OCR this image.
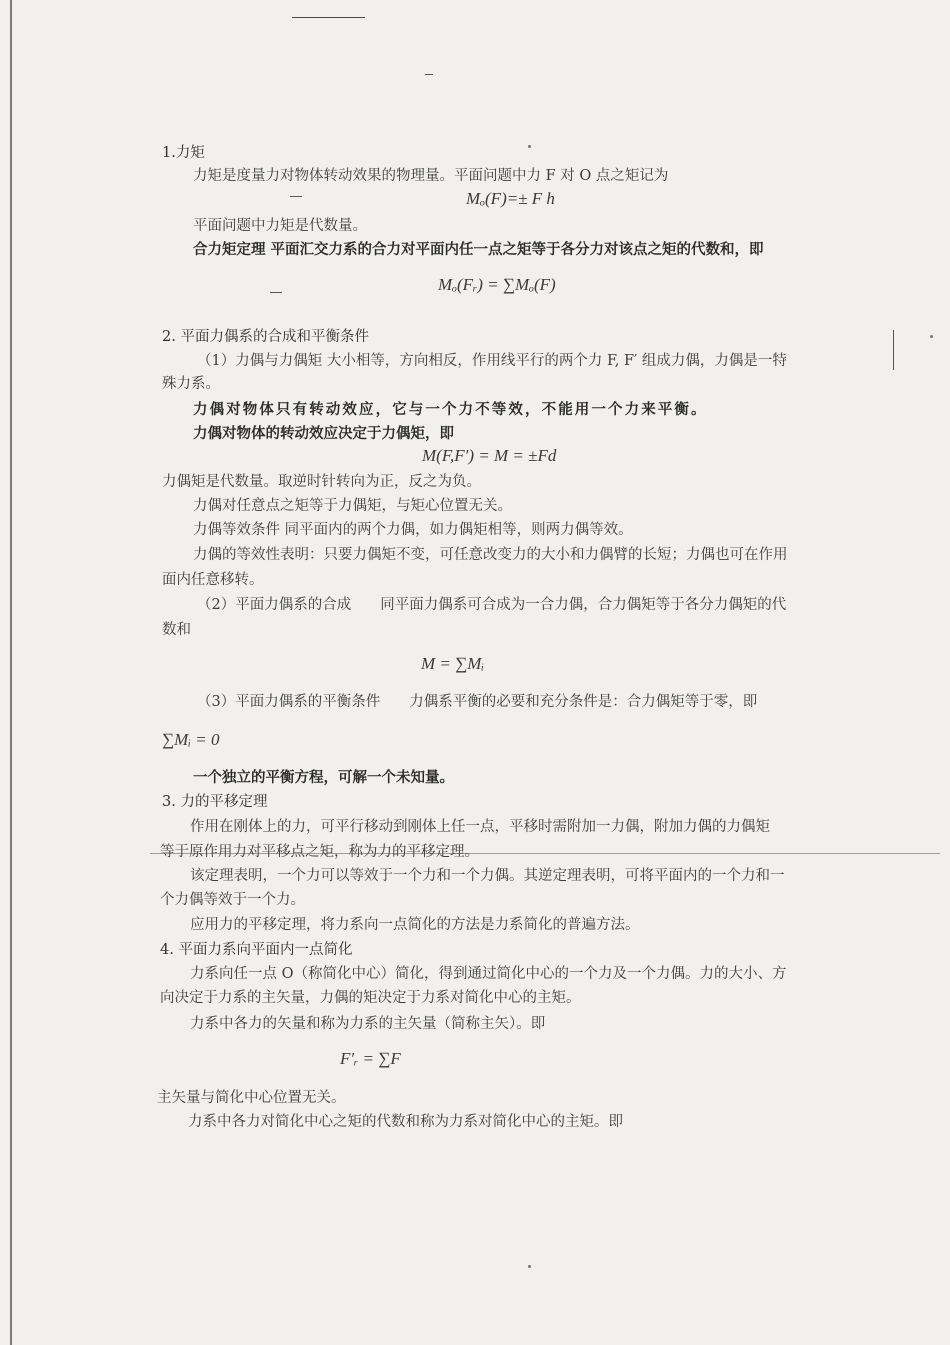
1.力矩
力矩是度量力对物体转动效果的物理量。平面问题中力 F 对 O 点之矩记为
Mₒ(F)=± F h
平面问题中力矩是代数量。
合力矩定理 平面汇交力系的合力对平面内任一点之矩等于各分力对该点之矩的代数和，即
Mₒ(Fᵣ) = ∑Mₒ(F)
2. 平面力偶系的合成和平衡条件
（1）力偶与力偶矩 大小相等，方向相反，作用线平行的两个力 F, F′ 组成力偶，力偶是一特
殊力系。
力偶对物体只有转动效应，它与一个力不等效，不能用一个力来平衡。
力偶对物体的转动效应决定于力偶矩，即
M(F,F′) = M = ±Fd
力偶矩是代数量。取逆时针转向为正，反之为负。
力偶对任意点之矩等于力偶矩，与矩心位置无关。
力偶等效条件 同平面内的两个力偶，如力偶矩相等，则两力偶等效。
力偶的等效性表明：只要力偶矩不变，可任意改变力的大小和力偶臂的长短；力偶也可在作用
面内任意移转。
（2）平面力偶系的合成　　同平面力偶系可合成为一合力偶，合力偶矩等于各分力偶矩的代
数和
M = ∑Mᵢ
（3）平面力偶系的平衡条件　　力偶系平衡的必要和充分条件是：合力偶矩等于零，即
∑Mᵢ = 0
一个独立的平衡方程，可解一个未知量。
3. 力的平移定理
作用在刚体上的力，可平行移动到刚体上任一点，平移时需附加一力偶，附加力偶的力偶矩
等于原作用力对平移点之矩，称为力的平移定理。
该定理表明，一个力可以等效于一个力和一个力偶。其逆定理表明，可将平面内的一个力和一
个力偶等效于一个力。
应用力的平移定理，将力系向一点简化的方法是力系简化的普遍方法。
4. 平面力系向平面内一点简化
力系向任一点 O（称简化中心）简化，得到通过简化中心的一个力及一个力偶。力的大小、方
向决定于力系的主矢量，力偶的矩决定于力系对简化中心的主矩。
力系中各力的矢量和称为力系的主矢量（简称主矢）。即
F′ᵣ = ∑F
主矢量与简化中心位置无关。
力系中各力对简化中心之矩的代数和称为力系对简化中心的主矩。即
